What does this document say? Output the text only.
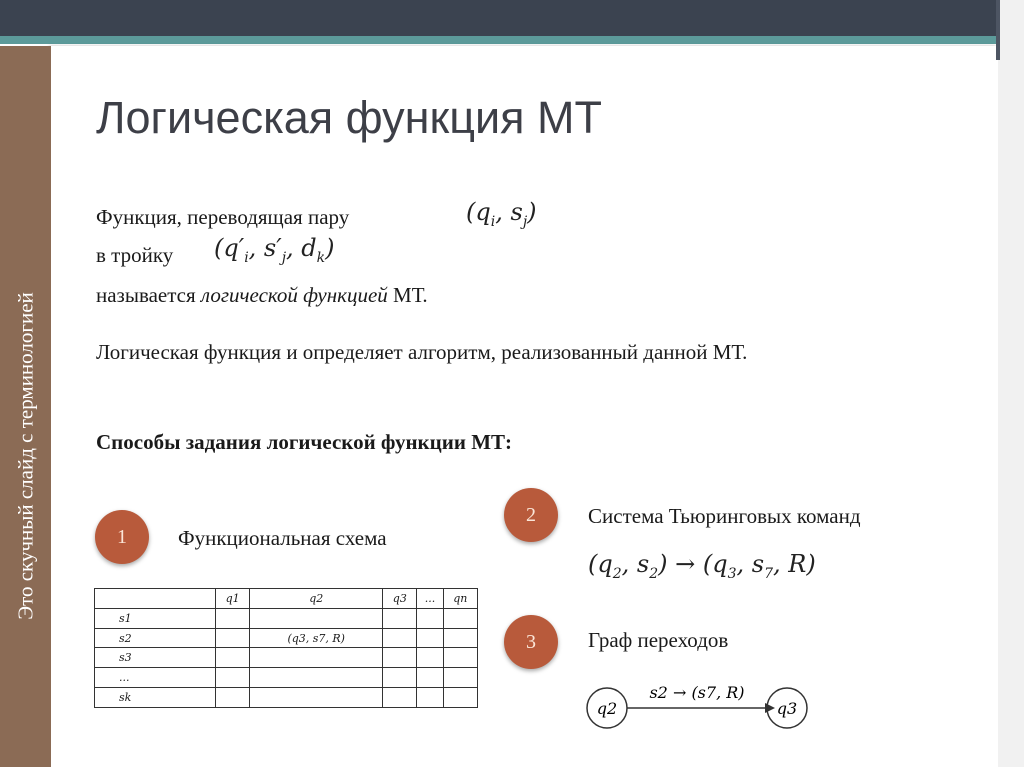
Это скучный слайд с терминологией
Логическая функция МТ
Функция, переводящая пару	($q_i$, $s_j$)
в тройку ($q'_i$, $s'_j$, $d_k$)
называется логической функцией МТ.
Логическая функция и определяет алгоритм, реализованный данной МТ.
Способы задания логической функции МТ:
1	Функциональная схема
2	Система Тьюринговых команд
($q_2$, $s_2) \to (q_3$, $s_7$, R)
3	Граф переходов
	q1	q2	q3	...	qn
s1					
s2		(q3, s7, R)			
s3					
...					
sk					
q2	q3
s2 → (s7, R)
